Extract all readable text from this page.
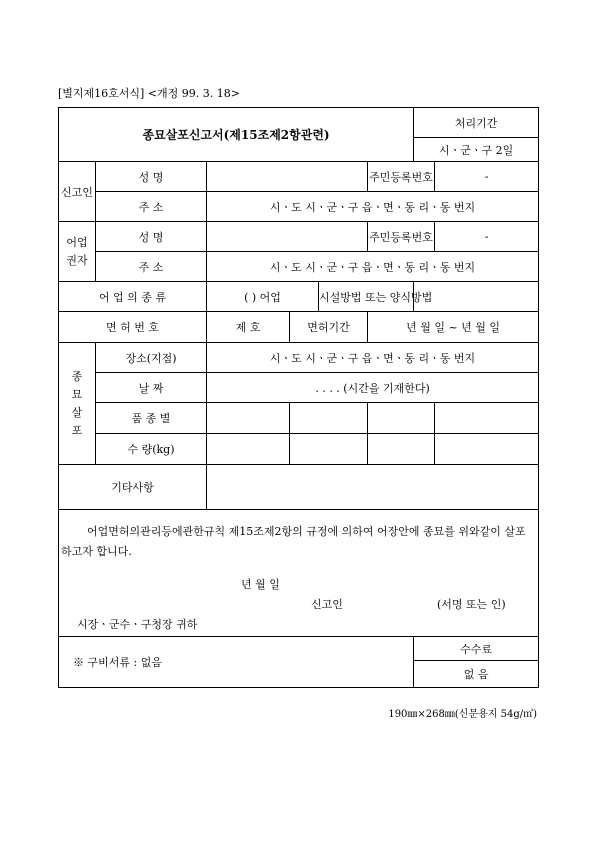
[별지제16호서식] <개정 99. 3. 18>
종묘살포신고서(제15조제2항관련)						처리기간	
						시ㆍ군ㆍ구 2일	
신고인	성 명				주민등록번호		-
	주 소	시ㆍ도 시ㆍ군ㆍ구 읍ㆍ면ㆍ동 리ㆍ동 번지					

어업
권자	성 명				주민등록번호		-
	주 소	시ㆍ도 시ㆍ군ㆍ구 읍ㆍ면ㆍ동 리ㆍ동 번지					
어 업 의 종 류		( ) 어업		시설방법 또는 양식방법			
면 허 번 호		제 호	면허기간		년 월 일 ~ 년 월 일		

종
묘
살
포	장소(지점)	시ㆍ도 시ㆍ군ㆍ구 읍ㆍ면ㆍ동 리ㆍ동 번지					
	날 짜	. . . . (시간을 기재한다)					
	품 종 별						
	수 량(kg)						
기타사항							

어업면허의관리등에관한규칙 제15조제2항의 규정에 의하여 어장안에 종묘를 위와같이 살포하고자 합니다.
년 월 일
신고인 (서명 또는 인)
시장ㆍ군수ㆍ구청장 귀하							

※ 구비서류 : 없음						수수료	
						없 음	
190㎜×268㎜(신문용지 54g/㎡)
